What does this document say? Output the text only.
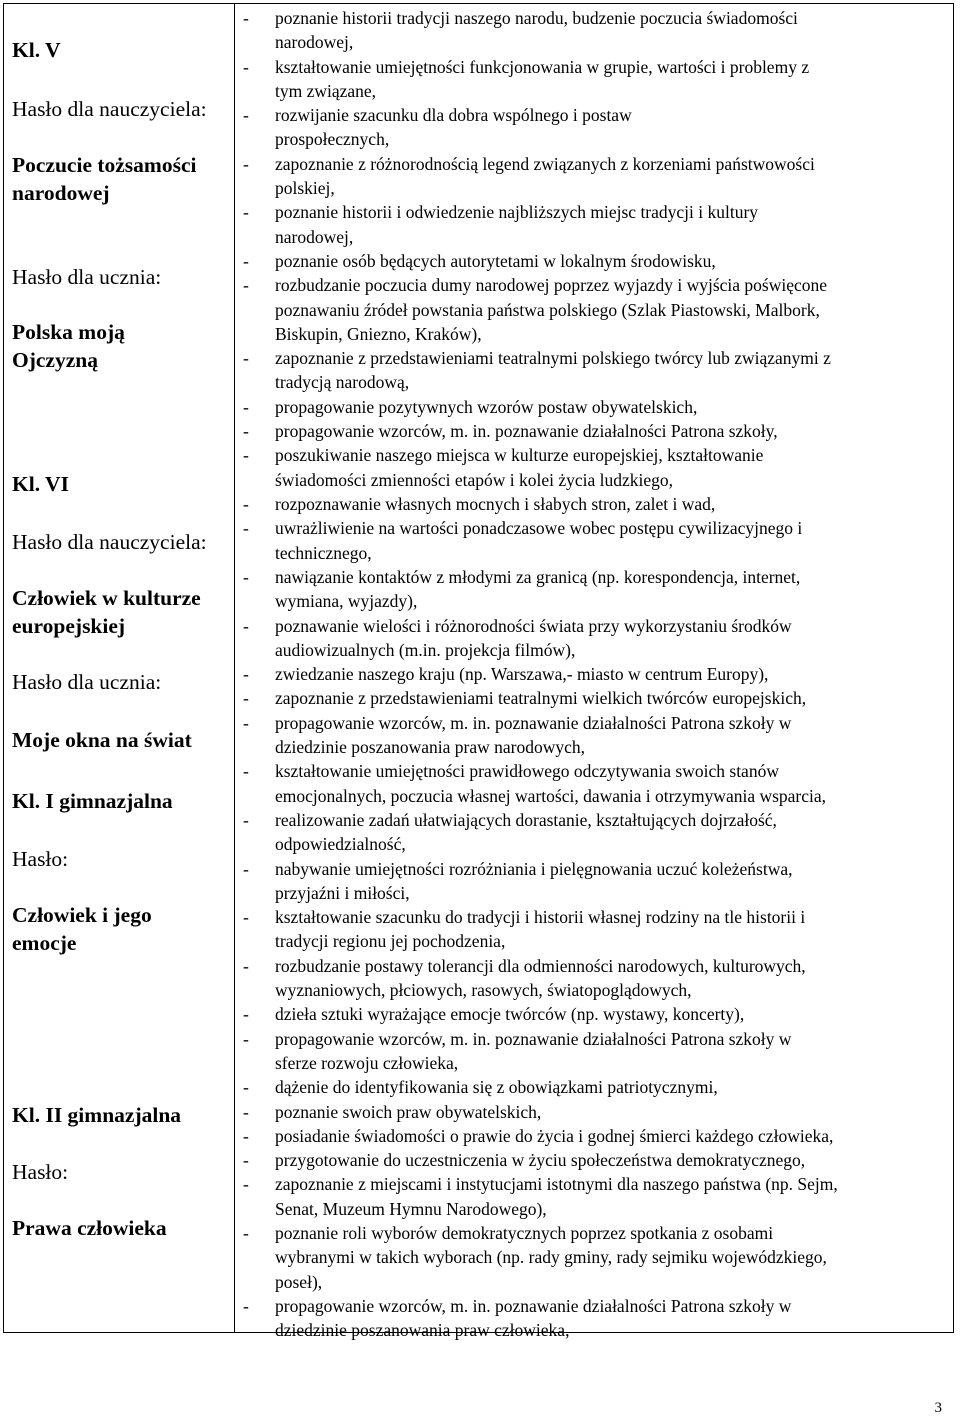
Kl. V
Hasło dla nauczyciela:
Poczucie tożsamości
narodowej
Hasło dla ucznia:
Polska moją
Ojczyzną
Kl. VI
Hasło dla nauczyciela:
Człowiek w kulturze
europejskiej
Hasło dla ucznia:
Moje okna na świat
Kl. I gimnazjalna
Hasło:
Człowiek i jego
emocje
Kl. II gimnazjalna
Hasło:
Prawa człowieka
- poznanie historii tradycji naszego narodu, budzenie poczucia świadomości
narodowej,
- kształtowanie umiejętności funkcjonowania w grupie, wartości i problemy z
tym związane,
- rozwijanie szacunku dla dobra wspólnego i postaw
prospołecznych,
- zapoznanie z różnorodnością legend związanych z korzeniami państwowości
polskiej,
- poznanie historii i odwiedzenie najbliższych miejsc tradycji i kultury
narodowej,
- poznanie osób będących autorytetami w lokalnym środowisku,
- rozbudzanie poczucia dumy narodowej poprzez wyjazdy i wyjścia poświęcone
poznawaniu źródeł powstania państwa polskiego (Szlak Piastowski, Malbork,
Biskupin, Gniezno, Kraków),
- zapoznanie z przedstawieniami teatralnymi polskiego twórcy lub związanymi z
tradycją narodową,
- propagowanie pozytywnych wzorów postaw obywatelskich,
- propagowanie wzorców, m. in. poznawanie działalności Patrona szkoły,
- poszukiwanie naszego miejsca w kulturze europejskiej, kształtowanie
świadomości zmienności etapów i kolei życia ludzkiego,
- rozpoznawanie własnych mocnych i słabych stron, zalet i wad,
- uwrażliwienie na wartości ponadczasowe wobec postępu cywilizacyjnego i
technicznego,
- nawiązanie kontaktów z młodymi za granicą (np. korespondencja, internet,
wymiana, wyjazdy),
- poznawanie wielości i różnorodności świata przy wykorzystaniu środków
audiowizualnych (m.in. projekcja filmów),
- zwiedzanie naszego kraju (np. Warszawa,- miasto w centrum Europy),
- zapoznanie z przedstawieniami teatralnymi wielkich twórców europejskich,
- propagowanie wzorców, m. in. poznawanie działalności Patrona szkoły w
dziedzinie poszanowania praw narodowych,
- kształtowanie umiejętności prawidłowego odczytywania swoich stanów
emocjonalnych, poczucia własnej wartości, dawania i otrzymywania wsparcia,
- realizowanie zadań ułatwiających dorastanie, kształtujących dojrzałość,
odpowiedzialność,
- nabywanie umiejętności rozróżniania i pielęgnowania uczuć koleżeństwa,
przyjaźni i miłości,
- kształtowanie szacunku do tradycji i historii własnej rodziny na tle historii i
tradycji regionu jej pochodzenia,
- rozbudzanie postawy tolerancji dla odmienności narodowych, kulturowych,
wyznaniowych, płciowych, rasowych, światopoglądowych,
- dzieła sztuki wyrażające emocje twórców (np. wystawy, koncerty),
- propagowanie wzorców, m. in. poznawanie działalności Patrona szkoły w
sferze rozwoju człowieka,
- dążenie do identyfikowania się z obowiązkami patriotycznymi,
- poznanie swoich praw obywatelskich,
- posiadanie świadomości o prawie do życia i godnej śmierci każdego człowieka,
- przygotowanie do uczestniczenia w życiu społeczeństwa demokratycznego,
- zapoznanie z miejscami i instytucjami istotnymi dla naszego państwa (np. Sejm,
Senat, Muzeum Hymnu Narodowego),
- poznanie roli wyborów demokratycznych poprzez spotkania z osobami
wybranymi w takich wyborach (np. rady gminy, rady sejmiku wojewódzkiego,
poseł),
- propagowanie wzorców, m. in. poznawanie działalności Patrona szkoły w
dziedzinie poszanowania praw człowieka,
3
